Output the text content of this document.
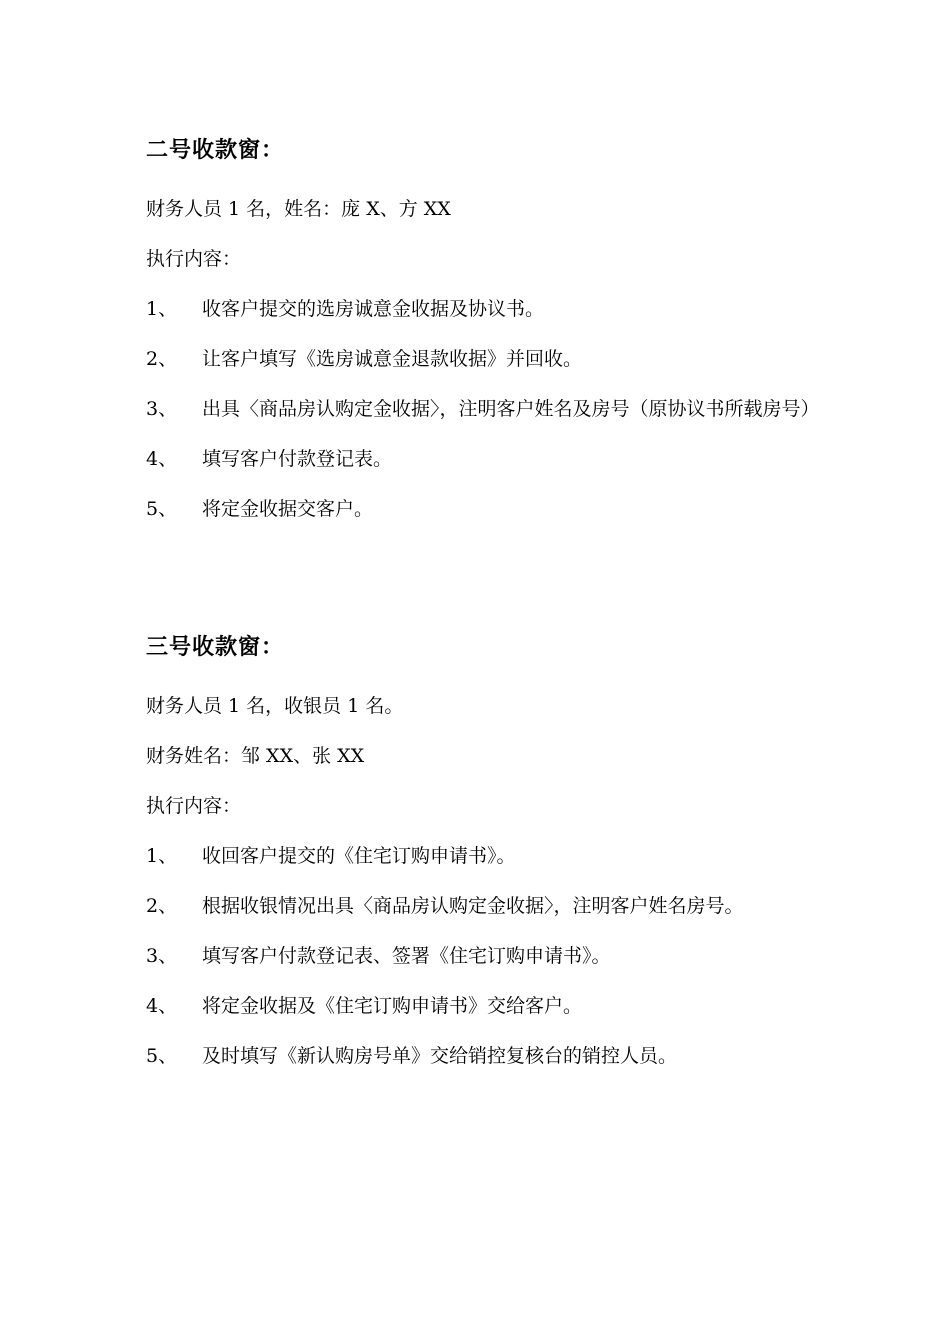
二号收款窗：
财务人员 1 名，姓名：庞 X、方 XX
执行内容：
1、	收客户提交的选房诚意金收据及协议书。
2、	让客户填写《选房诚意金退款收据》并回收。
3、	出具〈商品房认购定金收据〉，注明客户姓名及房号（原协议书所载房号）
4、	填写客户付款登记表。
5、	将定金收据交客户。
三号收款窗：
财务人员 1 名，收银员 1 名。
财务姓名：邹 XX、张 XX
执行内容：
1、	收回客户提交的《住宅订购申请书》。
2、	根据收银情况出具〈商品房认购定金收据〉，注明客户姓名房号。
3、	填写客户付款登记表、签署《住宅订购申请书》。
4、	将定金收据及《住宅订购申请书》交给客户。
5、	及时填写《新认购房号单》交给销控复核台的销控人员。
